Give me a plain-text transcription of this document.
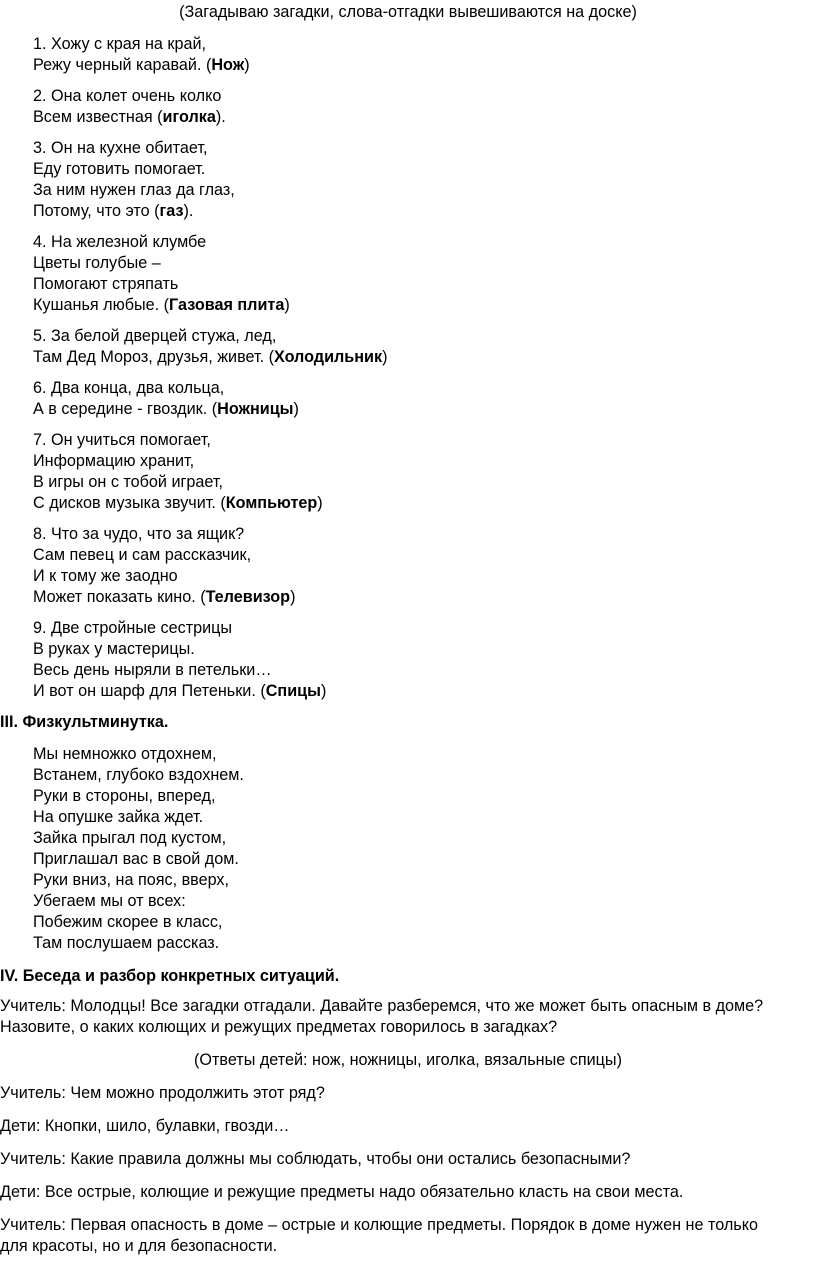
(Загадываю загадки, слова-отгадки вывешиваются на доске)

1. Хожу с края на край,
Режу черный каравай. (Нож)
2. Она колет очень колко
Всем известная (иголка).
3. Он на кухне обитает,
Еду готовить помогает.
За ним нужен глаз да глаз,
Потому, что это (газ).
4. На железной клумбе
Цветы голубые –
Помогают стряпать
Кушанья любые. (Газовая плита)
5. За белой дверцей стужа, лед,
Там Дед Мороз, друзья, живет. (Холодильник)
6. Два конца, два кольца,
А в середине - гвоздик. (Ножницы)
7. Он учиться помогает,
Информацию хранит,
В игры он с тобой играет,
С дисков музыка звучит. (Компьютер)
8. Что за чудо, что за ящик?
Сам певец и сам рассказчик,
И к тому же заодно
Может показать кино. (Телевизор)
9. Две стройные сестрицы
В руках у мастерицы.
Весь день ныряли в петельки…
И вот он шарф для Петеньки. (Спицы)

III. Физкультминутка.

Мы немножко отдохнем,
Встанем, глубоко вздохнем.
Руки в стороны, вперед,
На опушке зайка ждет.
Зайка прыгал под кустом,
Приглашал вас в свой дом.
Руки вниз, на пояс, вверх,
Убегаем мы от всех:
Побежим скорее в класс,
Там послушаем рассказ.

IV. Беседа и разбор конкретных ситуаций.

Учитель: Молодцы! Все загадки отгадали. Давайте разберемся, что же может быть опасным в доме? Назовите, о каких колющих и режущих предметах говорилось в загадках?

(Ответы детей: нож, ножницы, иголка, вязальные спицы)

Учитель: Чем можно продолжить этот ряд?

Дети: Кнопки, шило, булавки, гвозди…

Учитель: Какие правила должны мы соблюдать, чтобы они остались безопасными?

Дети: Все острые, колющие и режущие предметы надо обязательно класть на свои места.

Учитель: Первая опасность в доме – острые и колющие предметы. Порядок в доме нужен не только для красоты, но и для безопасности.
